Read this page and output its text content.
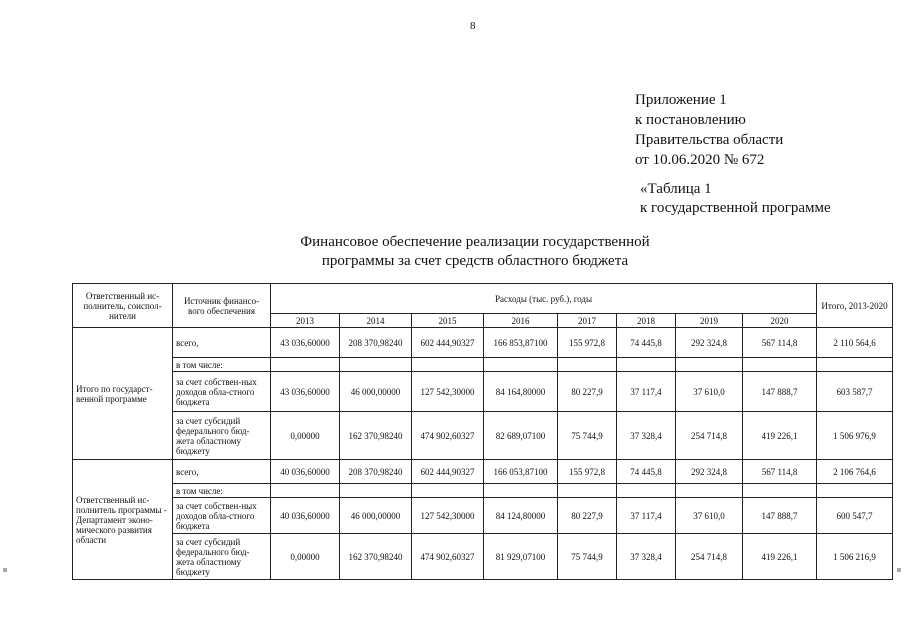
8
Приложение 1
к постановлению
Правительства области
от 10.06.2020 № 672
«Таблица 1
к государственной программе
Финансовое обеспечение реализации государственной
программы за счет средств областного бюджета
Ответственный ис-полнитель, соиспол-нители	Источник финансо-вого обеспечения	Расходы (тыс. руб.), годы								Итого, 2013-2020
		2013	2014	2015	2016	2017	2018	2019	2020	
Итого по государст-венной программе	всего,	43 036,60000	208 370,98240	602 444,90327	166 853,87100	155 972,8	74 445,8	292 324,8	567 114,8	2 110 564,6
	в том числе:									
	за счет собствен-ных доходов обла-стного бюджета	43 036,60000	46 000,00000	127 542,30000	84 164,80000	80 227,9	37 117,4	37 610,0	147 888,7	603 587,7
	за счет субсидий федерального бюд-жета областному бюджету	0,00000	162 370,98240	474 902,60327	82 689,07100	75 744,9	37 328,4	254 714,8	419 226,1	1 506 976,9
Ответственный ис-полнитель программы - Департамент эконо-мического развития области	всего,	40 036,60000	208 370,98240	602 444,90327	166 053,87100	155 972,8	74 445,8	292 324,8	567 114,8	2 106 764,6
	в том числе:									
	за счет собствен-ных доходов обла-стного бюджета	40 036,60000	46 000,00000	127 542,30000	84 124,80000	80 227,9	37 117,4	37 610,0	147 888,7	600 547,7
	за счет субсидий федерального бюд-жета областному бюджету	0,00000	162 370,98240	474 902,60327	81 929,07100	75 744,9	37 328,4	254 714,8	419 226,1	1 506 216,9
